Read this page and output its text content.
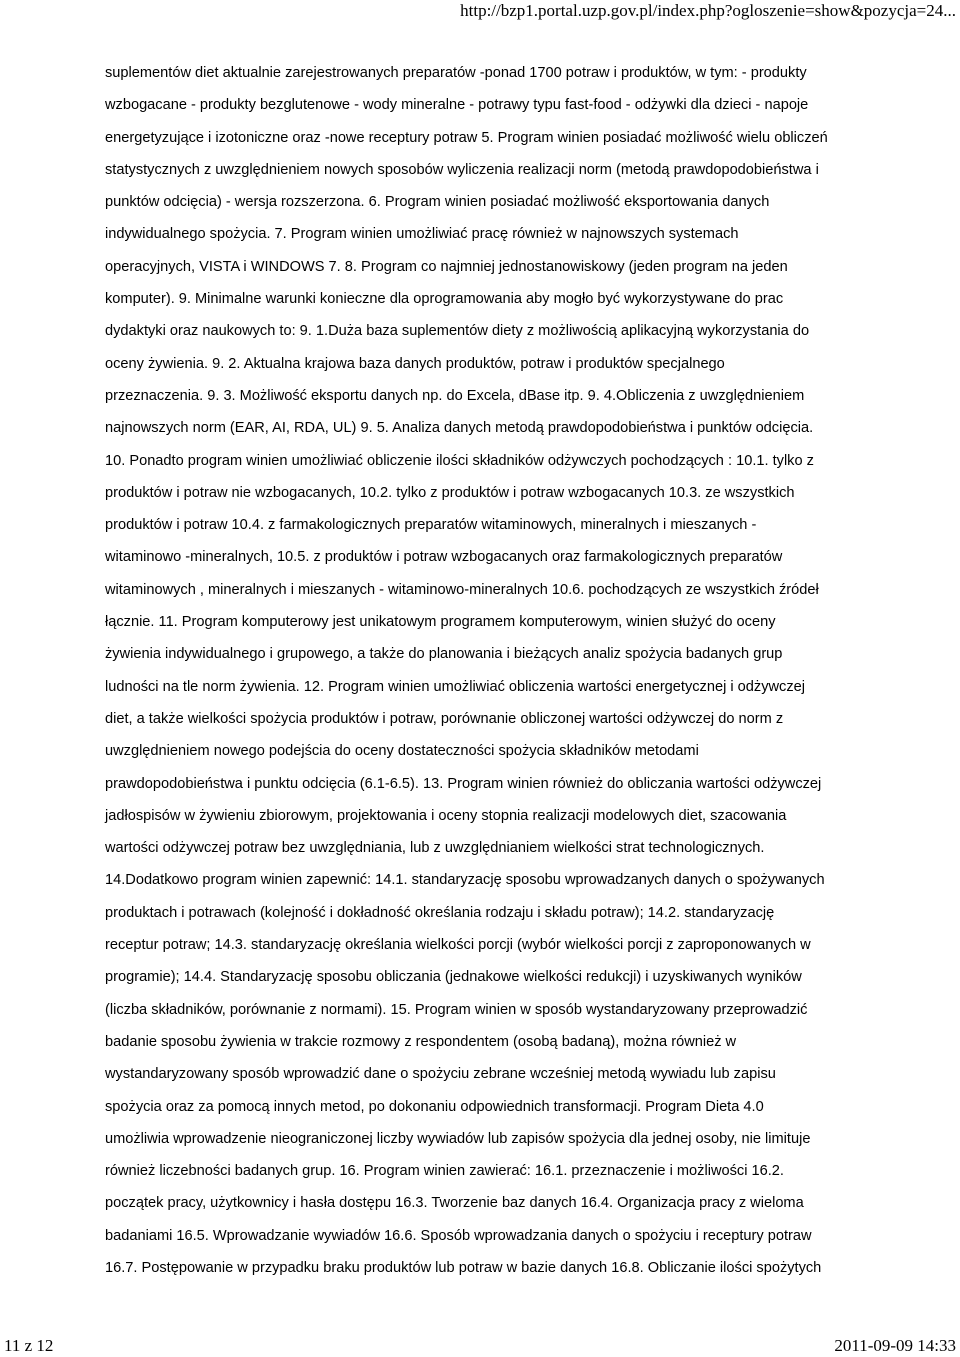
http://bzp1.portal.uzp.gov.pl/index.php?ogloszenie=show&pozycja=24...
suplementów diet aktualnie zarejestrowanych preparatów -ponad 1700 potraw i produktów, w tym: - produkty
wzbogacane - produkty bezglutenowe - wody mineralne - potrawy typu fast-food - odżywki dla dzieci - napoje
energetyzujące i izotoniczne oraz -nowe receptury potraw 5. Program winien posiadać możliwość wielu obliczeń
statystycznych z uwzględnieniem nowych sposobów wyliczenia realizacji norm (metodą prawdopodobieństwa i
punktów odcięcia) - wersja rozszerzona. 6. Program winien posiadać możliwość eksportowania danych
indywidualnego spożycia. 7. Program winien umożliwiać pracę również w najnowszych systemach
operacyjnych, VISTA i WINDOWS 7. 8. Program co najmniej jednostanowiskowy (jeden program na jeden
komputer). 9. Minimalne warunki konieczne dla oprogramowania aby mogło być wykorzystywane do prac
dydaktyki oraz naukowych to: 9. 1.Duża baza suplementów diety z możliwością aplikacyjną wykorzystania do
oceny żywienia. 9. 2. Aktualna krajowa baza danych produktów, potraw i produktów specjalnego
przeznaczenia. 9. 3. Możliwość eksportu danych np. do Excela, dBase itp. 9. 4.Obliczenia z uwzględnieniem
najnowszych norm (EAR, AI, RDA, UL) 9. 5. Analiza danych metodą prawdopodobieństwa i punktów odcięcia.
10. Ponadto program winien umożliwiać obliczenie ilości składników odżywczych pochodzących : 10.1. tylko z
produktów i potraw nie wzbogacanych, 10.2. tylko z produktów i potraw wzbogacanych 10.3. ze wszystkich
produktów i potraw 10.4. z farmakologicznych preparatów witaminowych, mineralnych i mieszanych -
witaminowo -mineralnych, 10.5. z produktów i potraw wzbogacanych oraz farmakologicznych preparatów
witaminowych , mineralnych i mieszanych - witaminowo-mineralnych 10.6. pochodzących ze wszystkich źródeł
łącznie. 11. Program komputerowy jest unikatowym programem komputerowym, winien służyć do oceny
żywienia indywidualnego i grupowego, a także do planowania i bieżących analiz spożycia badanych grup
ludności na tle norm żywienia. 12. Program winien umożliwiać obliczenia wartości energetycznej i odżywczej
diet, a także wielkości spożycia produktów i potraw, porównanie obliczonej wartości odżywczej do norm z
uwzględnieniem nowego podejścia do oceny dostateczności spożycia składników metodami
prawdopodobieństwa i punktu odcięcia (6.1-6.5). 13. Program winien również do obliczania wartości odżywczej
jadłospisów w żywieniu zbiorowym, projektowania i oceny stopnia realizacji modelowych diet, szacowania
wartości odżywczej potraw bez uwzględniania, lub z uwzględnianiem wielkości strat technologicznych.
14.Dodatkowo program winien zapewnić: 14.1. standaryzację sposobu wprowadzanych danych o spożywanych
produktach i potrawach (kolejność i dokładność określania rodzaju i składu potraw); 14.2. standaryzację
receptur potraw; 14.3. standaryzację określania wielkości porcji (wybór wielkości porcji z zaproponowanych w
programie); 14.4. Standaryzację sposobu obliczania (jednakowe wielkości redukcji) i uzyskiwanych wyników
(liczba składników, porównanie z normami). 15. Program winien w sposób wystandaryzowany przeprowadzić
badanie sposobu żywienia w trakcie rozmowy z respondentem (osobą badaną), można również w
wystandaryzowany sposób wprowadzić dane o spożyciu zebrane wcześniej metodą wywiadu lub zapisu
spożycia oraz za pomocą innych metod, po dokonaniu odpowiednich transformacji. Program Dieta 4.0
umożliwia wprowadzenie nieograniczonej liczby wywiadów lub zapisów spożycia dla jednej osoby, nie limituje
również liczebności badanych grup. 16. Program winien zawierać: 16.1. przeznaczenie i możliwości 16.2.
początek pracy, użytkownicy i hasła dostępu 16.3. Tworzenie baz danych 16.4. Organizacja pracy z wieloma
badaniami 16.5. Wprowadzanie wywiadów 16.6. Sposób wprowadzania danych o spożyciu i receptury potraw
16.7. Postępowanie w przypadku braku produktów lub potraw w bazie danych 16.8. Obliczanie ilości spożytych
11 z 12	2011-09-09 14:33
